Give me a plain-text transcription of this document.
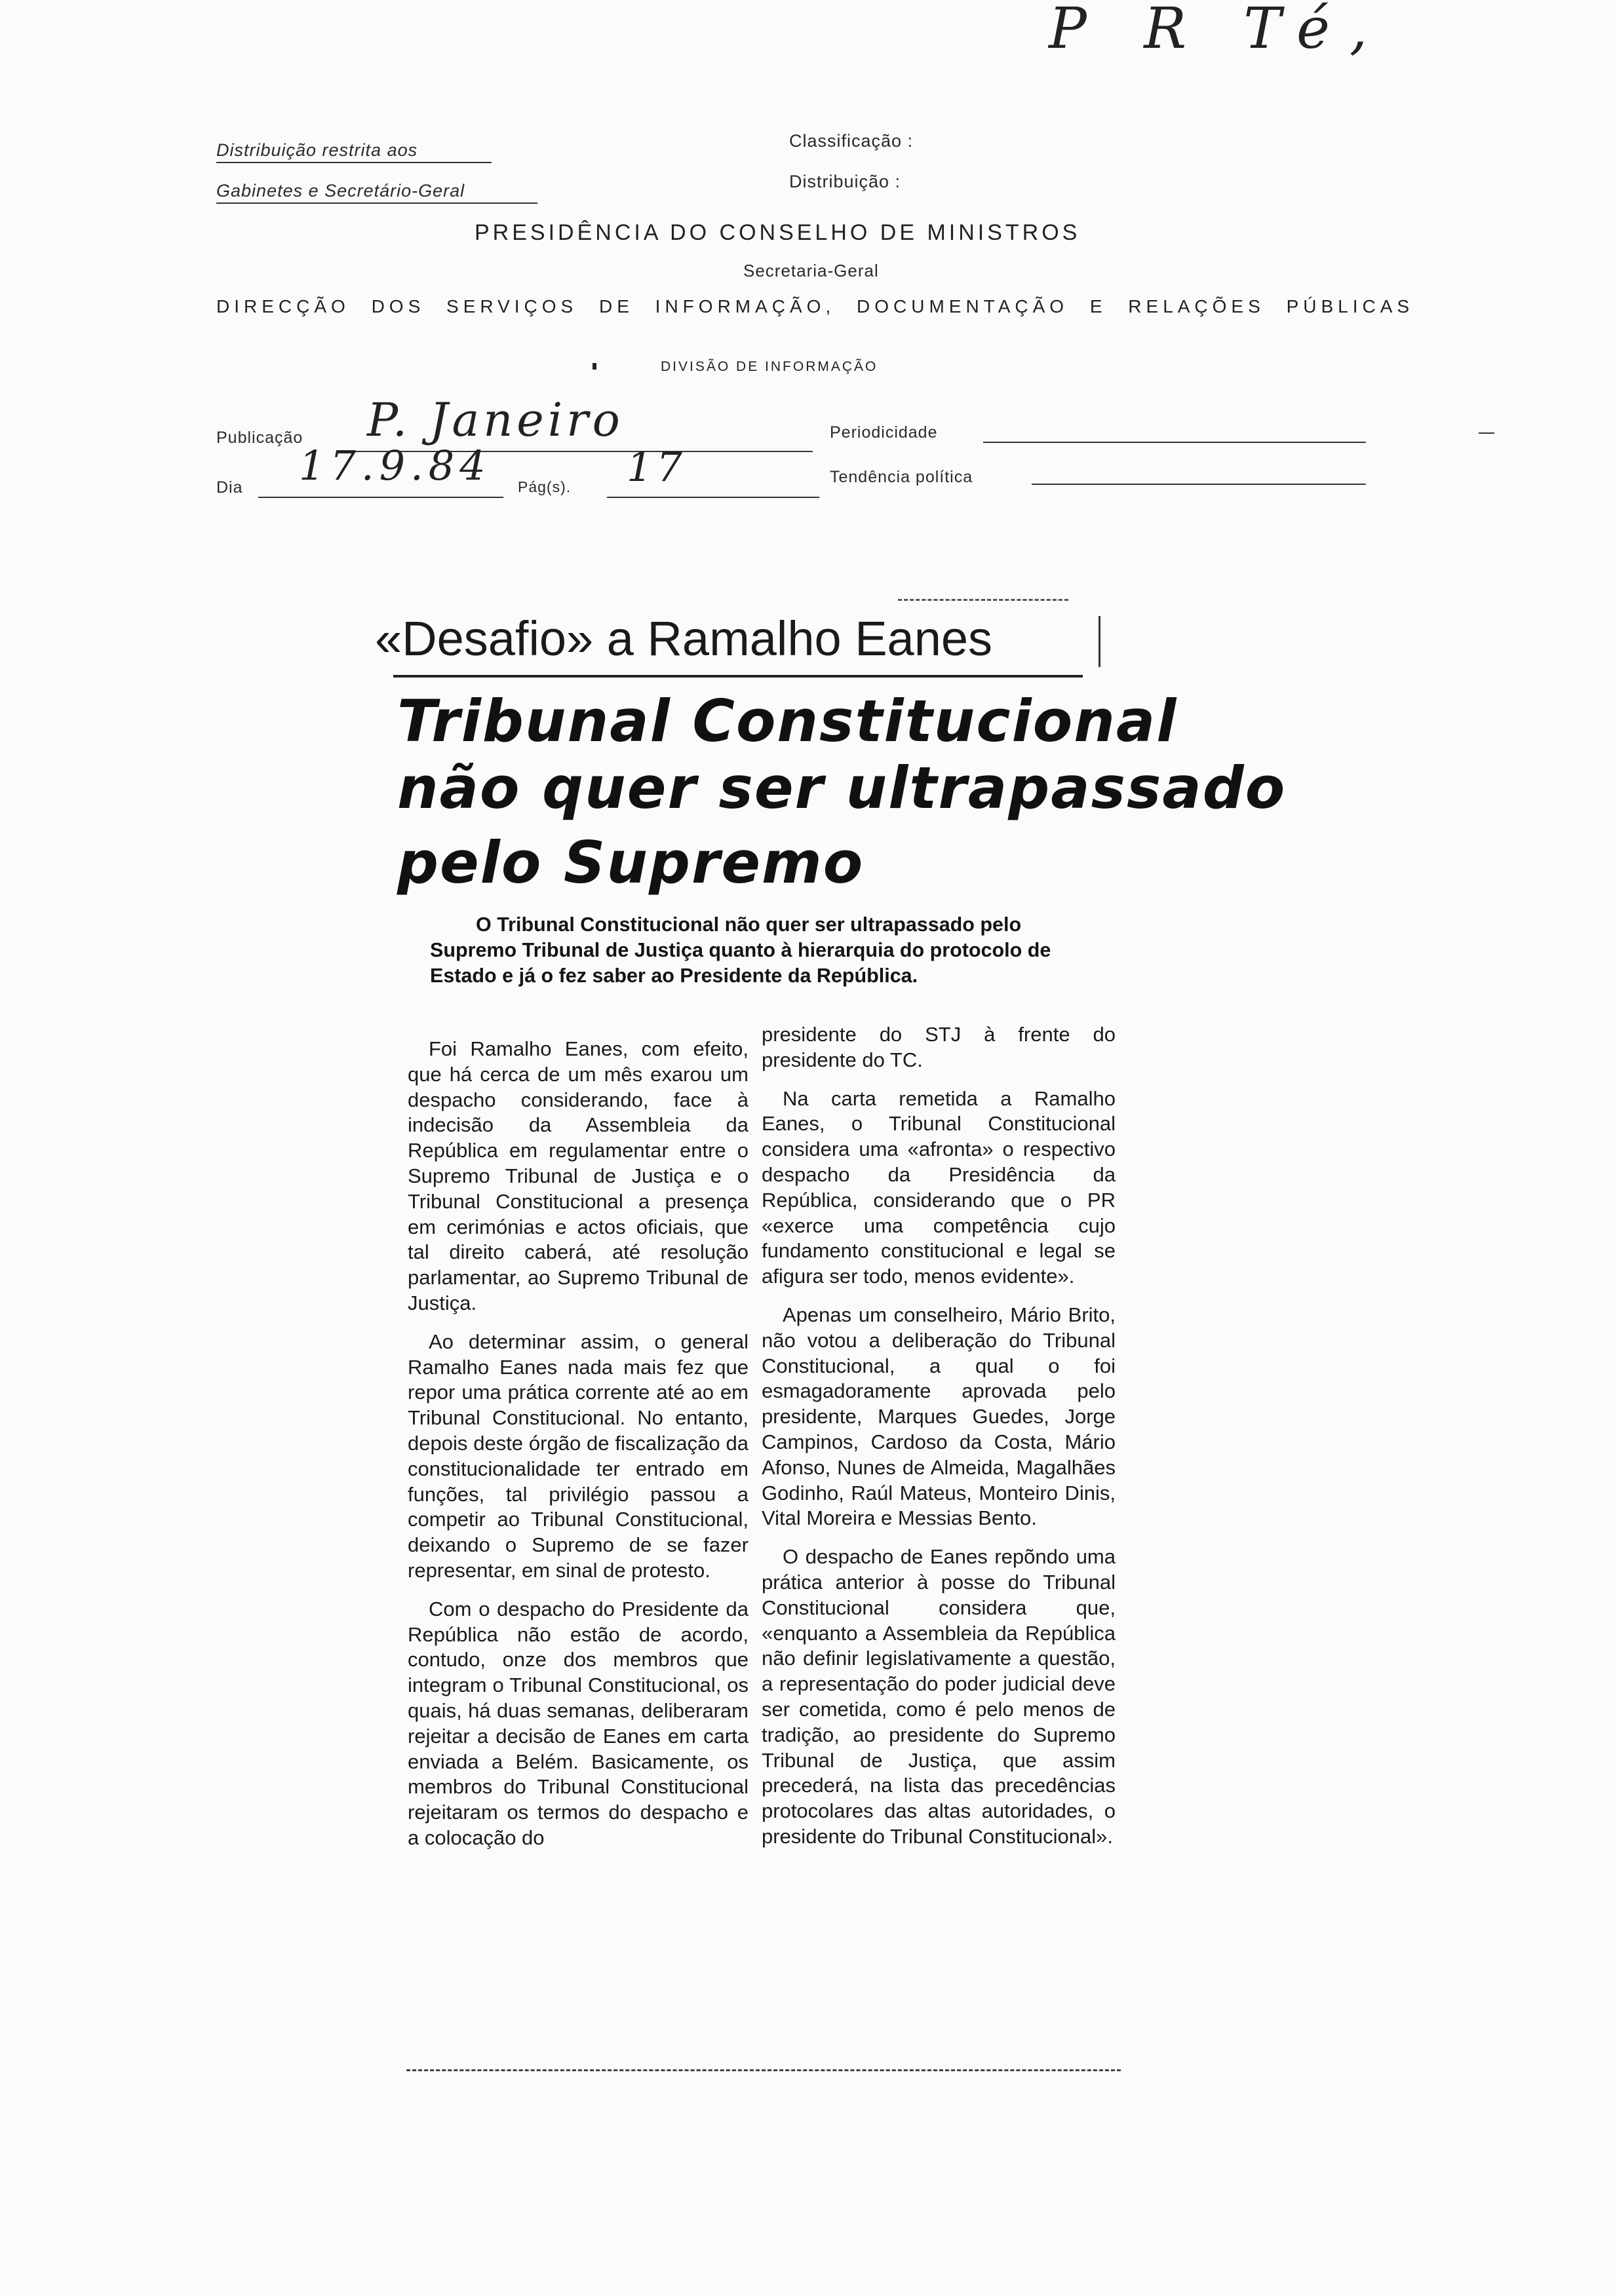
P R Té,
Distribuição restrita aos
Gabinetes e Secretário-Geral
Classificação :
Distribuição :
PRESIDÊNCIA DO CONSELHO DE MINISTROS
Secretaria-Geral
DIRECÇÃO DOS SERVIÇOS DE INFORMAÇÃO, DOCUMENTAÇÃO E RELAÇÕES PÚBLICAS
DIVISÃO DE INFORMAÇÃO
Publicação P. Janeiro	Periodicidade
Dia 17.9.84 Pág(s). 17	Tendência política
«Desafio» a Ramalho Eanes
Tribunal Constitucional
não quer ser ultrapassado
pelo Supremo
O Tribunal Constitucional não quer ser ultrapassado pelo Supremo Tribunal de Justiça quanto à hierarquia do protocolo de Estado e já o fez saber ao Presidente da República.

Foi Ramalho Eanes, com efeito, que há cerca de um mês exarou um despacho considerando, face à indecisão da Assembleia da República em regulamentar entre o Supremo Tribunal de Justiça e o Tribunal Constitucional a presença em cerimónias e actos oficiais, que tal direito caberá, até resolução parlamentar, ao Supremo Tribunal de Justiça.

Ao determinar assim, o general Ramalho Eanes nada mais fez que repor uma prática corrente até ao em Tribunal Constitucional. No entanto, depois deste órgão de fiscalização da constitucionalidade ter entrado em funções, tal privilégio passou a competir ao Tribunal Constitucional, deixando o Supremo de se fazer representar, em sinal de protesto.

Com o despacho do Presidente da República não estão de acordo, contudo, onze dos membros que integram o Tribunal Constitucional, os quais, há duas semanas, deliberaram rejeitar a decisão de Eanes em carta enviada a Belém. Basicamente, os membros do Tribunal Constitucional rejeitaram os termos do despacho e a colocação do

presidente do STJ à frente do presidente do TC.

Na carta remetida a Ramalho Eanes, o Tribunal Constitucional considera uma «afronta» o respectivo despacho da Presidência da República, considerando que o PR «exerce uma competência cujo fundamento constitucional e legal se afigura ser todo, menos evidente».

Apenas um conselheiro, Mário Brito, não votou a deliberação do Tribunal Constitucional, a qual o foi esmagadoramente aprovada pelo presidente, Marques Guedes, Jorge Campinos, Cardoso da Costa, Mário Afonso, Nunes de Almeida, Magalhães Godinho, Raúl Mateus, Monteiro Dinis, Vital Moreira e Messias Bento.

O despacho de Eanes repõndo uma prática anterior à posse do Tribunal Constitucional considera que, «enquanto a Assembleia da República não definir legislativamente a questão, a representação do poder judicial deve ser cometida, como é pelo menos de tradição, ao presidente do Supremo Tribunal de Justiça, que assim precederá, na lista das precedências protocolares das altas autoridades, o presidente do Tribunal Constitucional».
